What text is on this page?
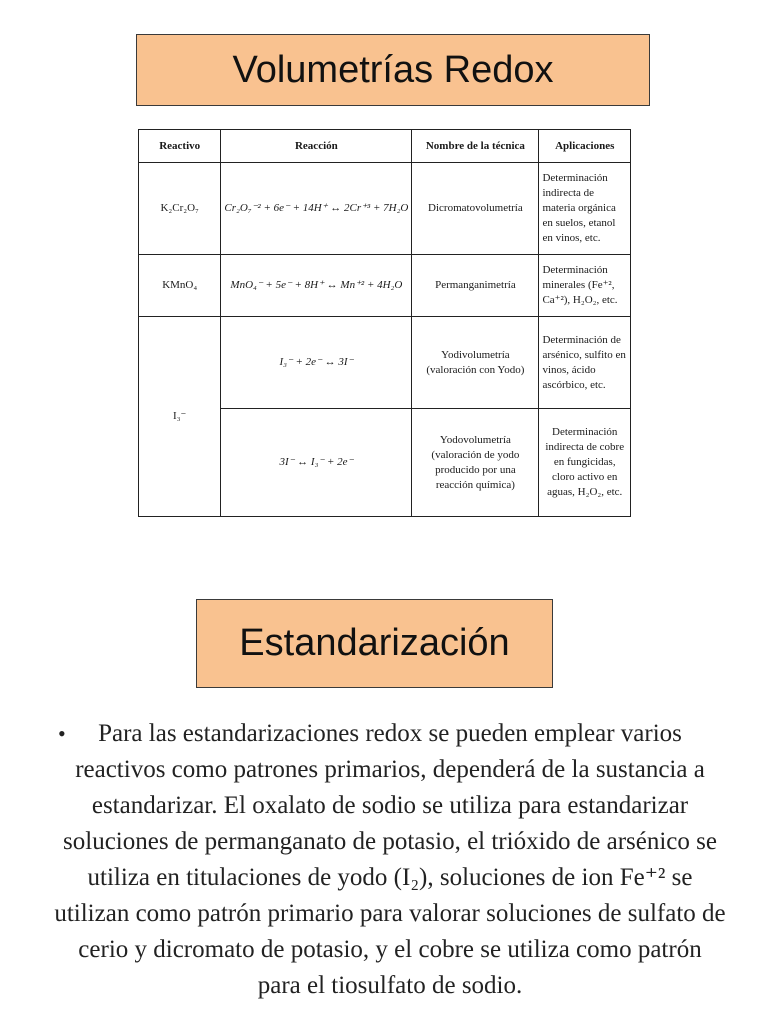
Volumetrías Redox
Reactivo	Reacción	Nombre de la técnica	Aplicaciones
K₂Cr₂O₇	Cr₂O₇⁻² + 6e⁻ + 14H⁺ ↔ 2Cr⁺³ + 7H₂O	Dicromatovolumetría	Determinación indirecta de materia orgánica en suelos, etanol en vinos, etc.
KMnO₄	MnO₄⁻ + 5e⁻ + 8H⁺ ↔ Mn⁺² + 4H₂O	Permanganimetría	Determinación minerales (Fe⁺², Ca⁺²), H₂O₂, etc.
I₃⁻	I₃⁻ + 2e⁻ ↔ 3I⁻	Yodivolumetría (valoración con Yodo)	Determinación de arsénico, sulfito en vinos, ácido ascórbico, etc.
	3I⁻ ↔ I₃⁻ + 2e⁻	Yodovolumetría (valoración de yodo producido por una reacción química)	Determinación indirecta de cobre en fungicidas, cloro activo en aguas, H₂O₂, etc.
Estandarización
•	Para las estandarizaciones redox se pueden emplear varios reactivos como patrones primarios, dependerá de la sustancia a estandarizar. El oxalato de sodio se utiliza para estandarizar soluciones de permanganato de potasio, el trióxido de arsénico se utiliza en titulaciones de yodo (I₂), soluciones de ion Fe⁺² se utilizan como patrón primario para valorar soluciones de sulfato de cerio y dicromato de potasio, y el cobre se utiliza como patrón para el tiosulfato de sodio.
